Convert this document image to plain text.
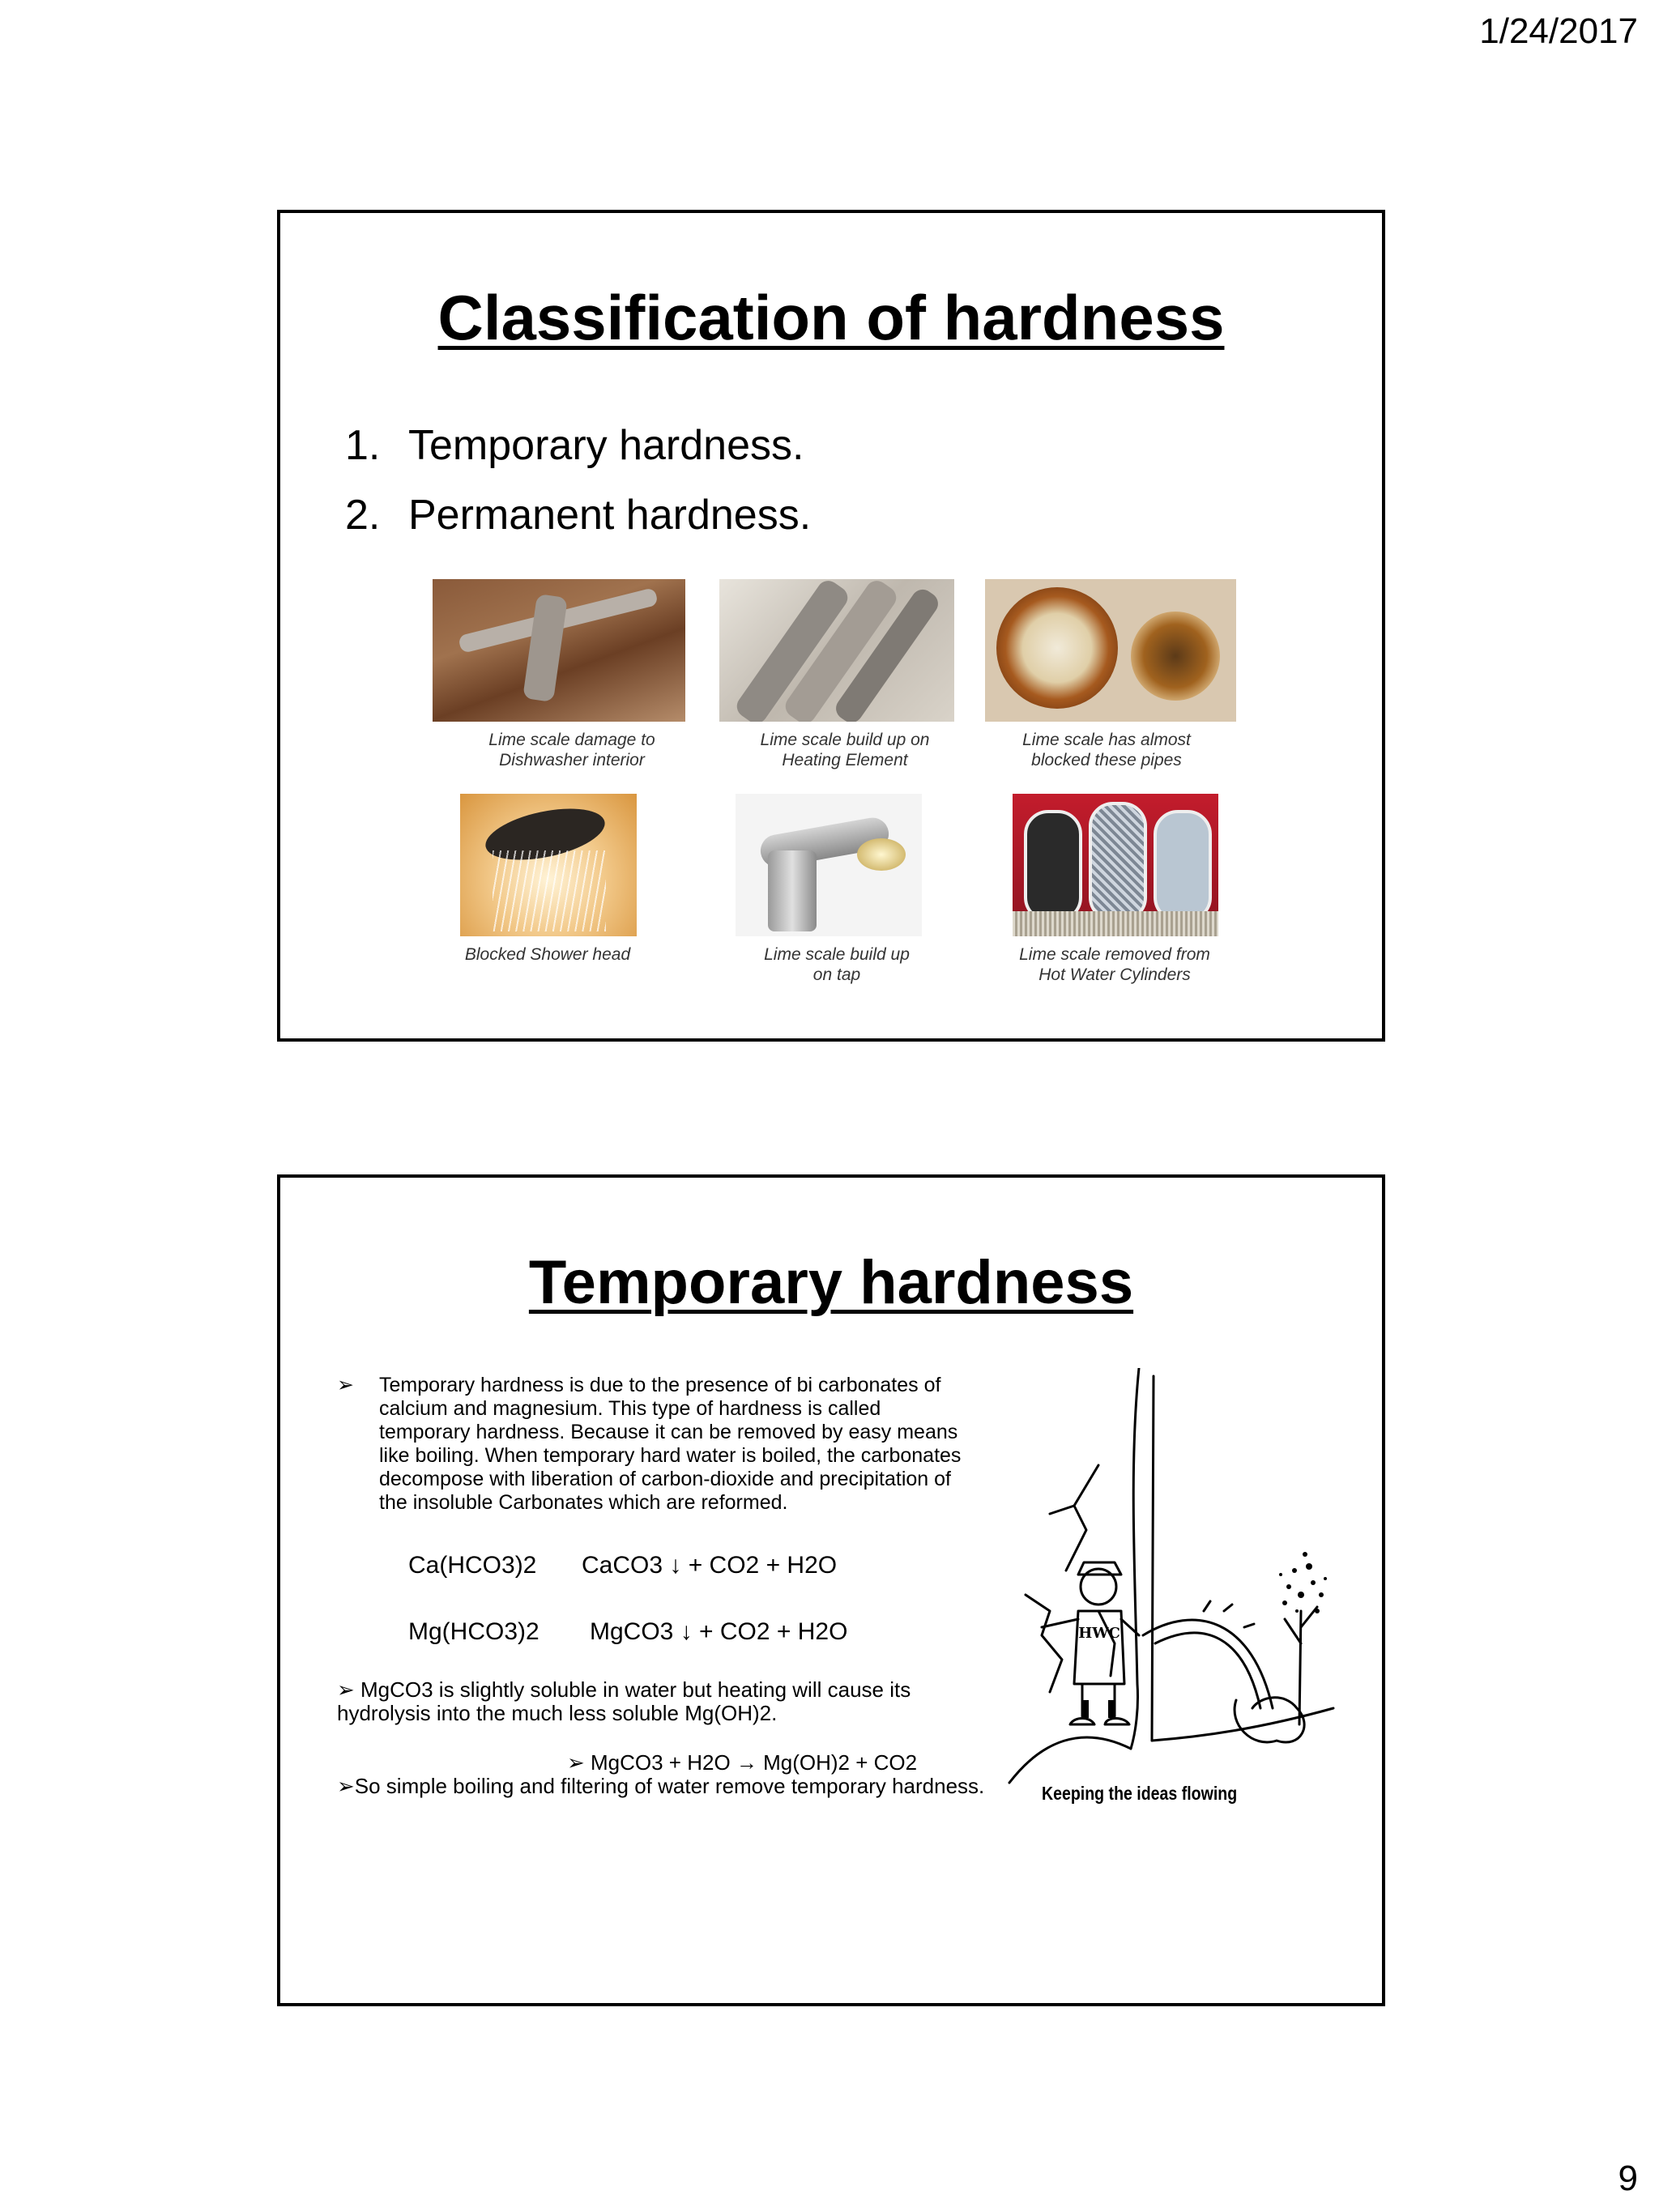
1/24/2017
Classification of hardness
1. Temporary hardness.
2. Permanent hardness.
Lime scale damage to
Dishwasher interior
Lime scale build up on
Heating Element
Lime scale has almost
blocked these pipes
Blocked Shower head	Lime scale build up
on tap
Lime scale removed from
Hot Water Cylinders
Temporary hardness
➢ Temporary hardness is due to the presence of bi carbonates of calcium and magnesium. This type of hardness is called temporary hardness. Because it can be removed by easy means like boiling. When temporary hard water is boiled, the carbonates decompose with liberation of carbon-dioxide and precipitation of the insoluble Carbonates which are reformed.
Ca(HCO3)2 CaCO3 ↓ + CO2 + H2O
Mg(HCO3)2 MgCO3 ↓ + CO2 + H2O
➢ MgCO3 is slightly soluble in water but heating will cause its hydrolysis into the much less soluble Mg(OH)2.
➢ MgCO3 + H2O → Mg(OH)2 + CO2
➢So simple boiling and filtering of water remove temporary hardness.
HWC
Keeping the ideas flowing
9
